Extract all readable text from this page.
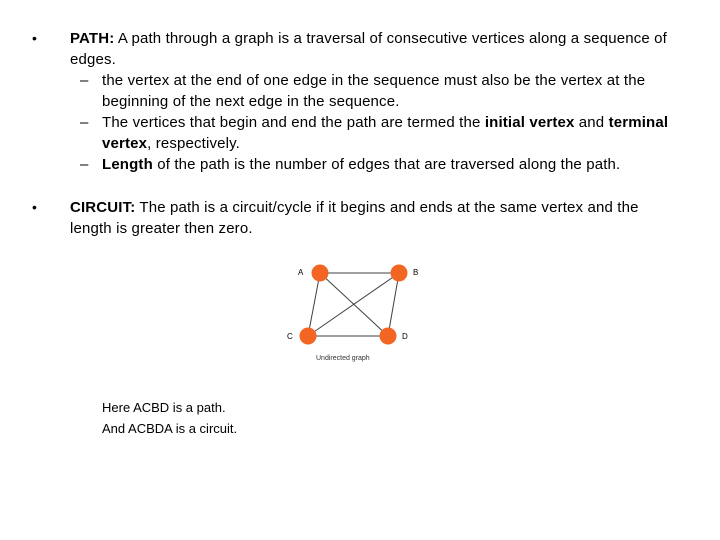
• PATH: A path through a graph is a traversal of consecutive vertices along a sequence of edges.
– the vertex at the end of one edge in the sequence must also be the vertex at the beginning of the next edge in the sequence.
– The vertices that begin and end the path are termed the initial vertex and terminal vertex, respectively.
– Length of the path is the number of edges that are traversed along the path.
• CIRCUIT: The path is a circuit/cycle if it begins and ends at the same vertex and the length is greater then zero.
A	B
C	D
Undirected graph
Here ACBD is a path.
And ACBDA is a circuit.
